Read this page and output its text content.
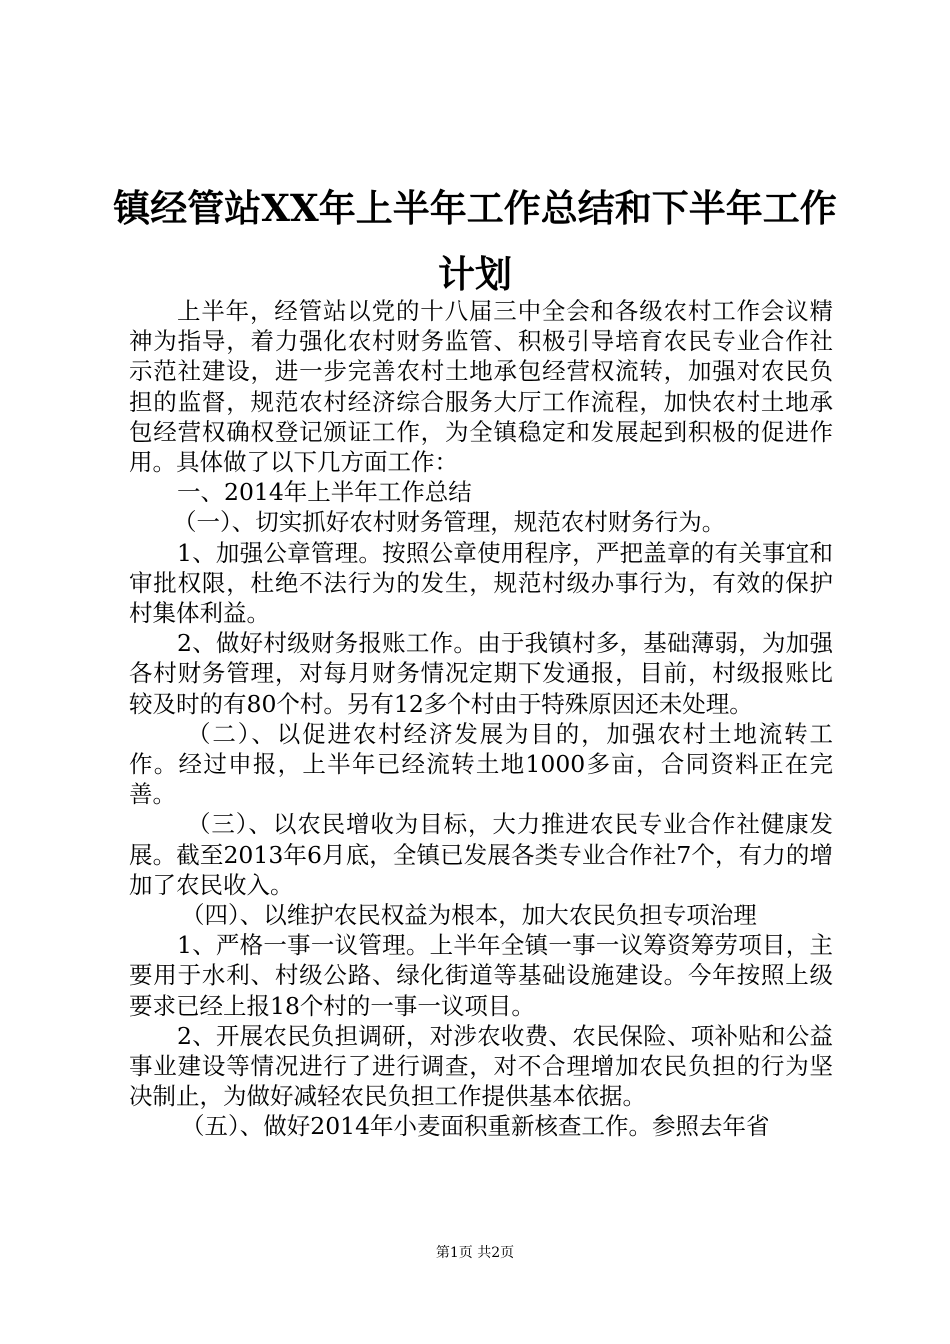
镇经管站XX年上半年工作总结和下半年工作
计划

上半年，经管站以党的十八届三中全会和各级农村工作会议精神为指导，着力强化农村财务监管、积极引导培育农民专业合作社示范社建设，进一步完善农村土地承包经营权流转，加强对农民负担的监督，规范农村经济综合服务大厅工作流程，加快农村土地承包经营权确权登记颁证工作，为全镇稳定和发展起到积极的促进作用。具体做了以下几方面工作：

一、2014年上半年工作总结

（一）、切实抓好农村财务管理，规范农村财务行为。

1、加强公章管理。按照公章使用程序，严把盖章的有关事宜和审批权限，杜绝不法行为的发生，规范村级办事行为，有效的保护村集体利益。

2、做好村级财务报账工作。由于我镇村多，基础薄弱，为加强各村财务管理，对每月财务情况定期下发通报，目前，村级报账比较及时的有80个村。另有12多个村由于特殊原因还未处理。

（二）、以促进农村经济发展为目的，加强农村土地流转工作。经过申报，上半年已经流转土地1000多亩，合同资料正在完善。

（三）、以农民增收为目标，大力推进农民专业合作社健康发展。截至2013年6月底，全镇已发展各类专业合作社7个，有力的增加了农民收入。

（四）、以维护农民权益为根本，加大农民负担专项治理

1、严格一事一议管理。上半年全镇一事一议筹资筹劳项目，主要用于水利、村级公路、绿化街道等基础设施建设。今年按照上级要求已经上报18个村的一事一议项目。

2、开展农民负担调研，对涉农收费、农民保险、项补贴和公益事业建设等情况进行了进行调查，对不合理增加农民负担的行为坚决制止，为做好减轻农民负担工作提供基本依据。

（五）、做好2014年小麦面积重新核查工作。参照去年省

第1页 共2页
